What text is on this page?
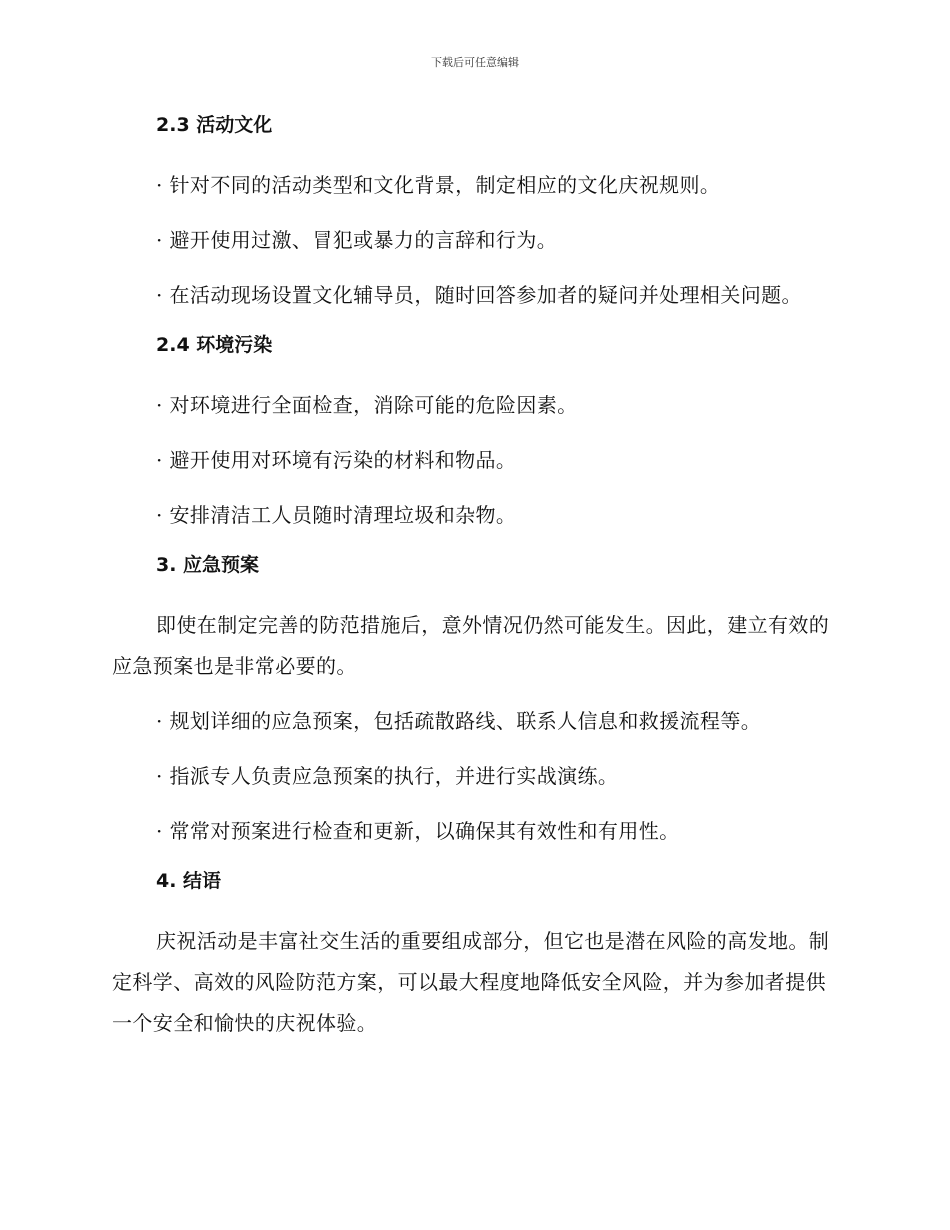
下载后可任意编辑
2.3 活动文化

· 针对不同的活动类型和文化背景，制定相应的文化庆祝规则。

· 避开使用过激、冒犯或暴力的言辞和行为。

· 在活动现场设置文化辅导员，随时回答参加者的疑问并处理相关问题。

2.4 环境污染

· 对环境进行全面检查，消除可能的危险因素。

· 避开使用对环境有污染的材料和物品。

· 安排清洁工人员随时清理垃圾和杂物。

3. 应急预案

即使在制定完善的防范措施后，意外情况仍然可能发生。因此，建立有效的应急预案也是非常必要的。

· 规划详细的应急预案，包括疏散路线、联系人信息和救援流程等。

· 指派专人负责应急预案的执行，并进行实战演练。

· 常常对预案进行检查和更新，以确保其有效性和有用性。

4. 结语

庆祝活动是丰富社交生活的重要组成部分，但它也是潜在风险的高发地。制定科学、高效的风险防范方案，可以最大程度地降低安全风险，并为参加者提供一个安全和愉快的庆祝体验。
